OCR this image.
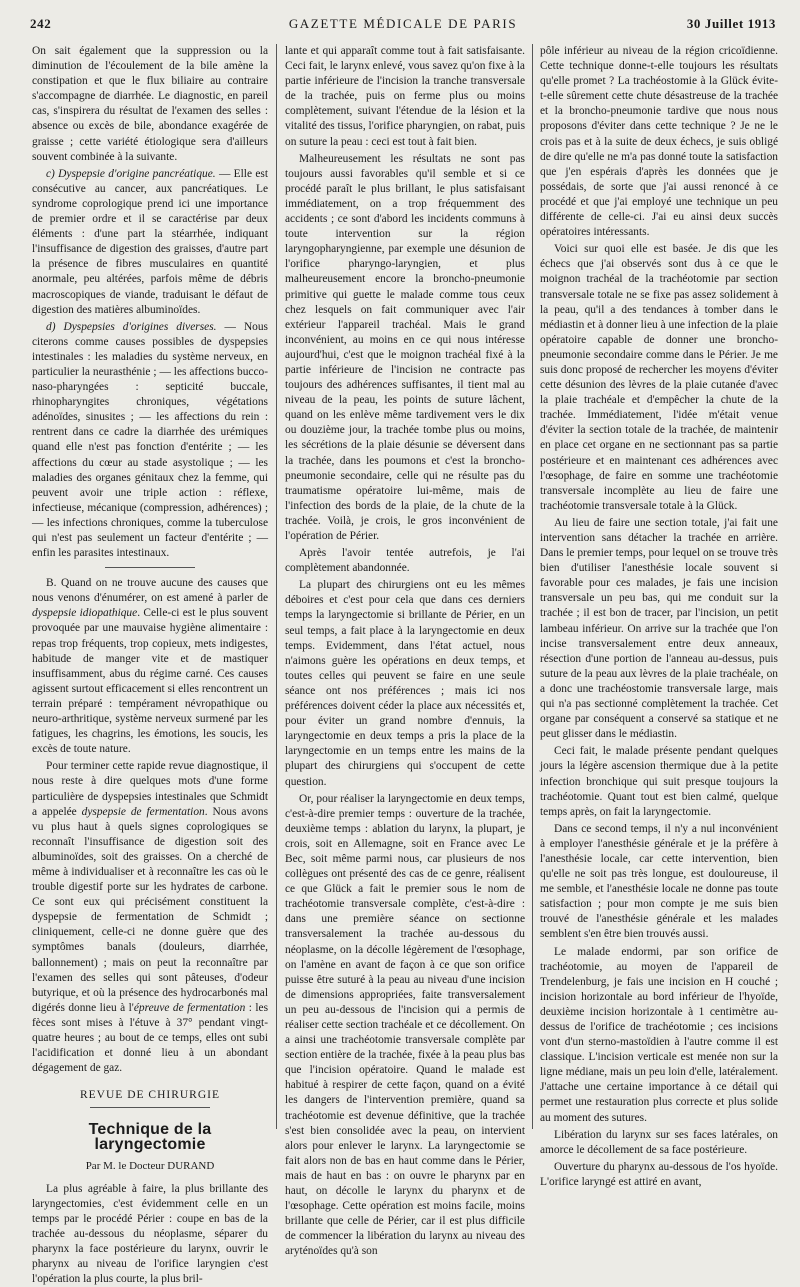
242	GAZETTE MÉDICALE DE PARIS	30 Juillet 1913

On sait également que la suppression ou la diminution de l'écoulement de la bile amène la constipation et que le flux biliaire au contraire s'accompagne de diarrhée. Le diagnostic, en pareil cas, s'inspirera du résultat de l'examen des selles : absence ou excès de bile, abondance exagérée de graisse ; cette variété étiologique sera d'ailleurs souvent combinée à la suivante.

c) Dyspepsie d'origine pancréatique. — Elle est consécutive au cancer, aux pancréatiques. Le syndrome coprologique prend ici une importance de premier ordre et il se caractérise par deux éléments : d'une part la stéarrhée, indiquant l'insuffisance de digestion des graisses, d'autre part la présence de fibres musculaires en quantité anormale, peu altérées, parfois même de débris macroscopiques de viande, traduisant le défaut de digestion des matières albuminoïdes.

d) Dyspepsies d'origines diverses. — Nous citerons comme causes possibles de dyspepsies intestinales : les maladies du système nerveux, en particulier la neurasthénie ; — les affections bucco-naso-pharyngées : septicité buccale, rhinopharyngites chroniques, végétations adénoïdes, sinusites ; — les affections du rein : rentrent dans ce cadre la diarrhée des urémiques quand elle n'est pas fonction d'entérite ; — les affections du cœur au stade asystolique ; — les maladies des organes génitaux chez la femme, qui peuvent avoir une triple action : réflexe, infectieuse, mécanique (compression, adhérences) ; — les infections chroniques, comme la tuberculose qui n'est pas seulement un facteur d'entérite ; — enfin les parasites intestinaux.

B. Quand on ne trouve aucune des causes que nous venons d'énumérer, on est amené à parler de dyspepsie idiopathique. Celle-ci est le plus souvent provoquée par une mauvaise hygiène alimentaire : repas trop fréquents, trop copieux, mets indigestes, habitude de manger vite et de mastiquer insuffisamment, abus du régime carné. Ces causes agissent surtout efficacement si elles rencontrent un terrain préparé : tempérament névropathique ou neuro-arthritique, système nerveux surmené par les fatigues, les chagrins, les émotions, les soucis, les excès de toute nature.

Pour terminer cette rapide revue diagnostique, il nous reste à dire quelques mots d'une forme particulière de dyspepsies intestinales que Schmidt a appelée dyspepsie de fermentation. Nous avons vu plus haut à quels signes coprologiques se reconnaît l'insuffisance de digestion soit des albuminoïdes, soit des graisses. On a cherché de même à individualiser et à reconnaître les cas où le trouble digestif porte sur les hydrates de carbone. Ce sont eux qui précisément constituent la dyspepsie de fermentation de Schmidt ; cliniquement, celle-ci ne donne guère que des symptômes banals (douleurs, diarrhée, ballonnement) ; mais on peut la reconnaître par l'examen des selles qui sont pâteuses, d'odeur butyrique, et où la présence des hydrocarbonés mal digérés donne lieu à l'épreuve de fermentation : les fèces sont mises à l'étuve à 37° pendant vingt-quatre heures ; au bout de ce temps, elles ont subi l'acidification et donné lieu à un abondant dégagement de gaz.

REVUE DE CHIRURGIE
Technique de la laryngectomie
Par M. le Docteur DURAND

La plus agréable à faire, la plus brillante des laryngectomies, c'est évidemment celle en un temps par le procédé Périer : coupe en bas de la trachée au-dessous du néoplasme, séparer du pharynx la face postérieure du larynx, ouvrir le pharynx au niveau de l'orifice laryngien c'est l'opération la plus courte, la plus bril-

lante et qui apparaît comme tout à fait satisfaisante. Ceci fait, le larynx enlevé, vous savez qu'on fixe à la partie inférieure de l'incision la tranche transversale de la trachée, puis on ferme plus ou moins complètement, suivant l'étendue de la lésion et la vitalité des tissus, l'orifice pharyngien, on rabat, puis on suture la peau : ceci est tout à fait bien.

Malheureusement les résultats ne sont pas toujours aussi favorables qu'il semble et si ce procédé paraît le plus brillant, le plus satisfaisant immédiatement, on a trop fréquemment des accidents ; ce sont d'abord les incidents communs à toute intervention sur la région laryngopharyngienne, par exemple une désunion de l'orifice pharyngo-laryngien, et plus malheureusement encore la broncho-pneumonie primitive qui guette le malade comme tous ceux chez lesquels on fait communiquer avec l'air extérieur l'appareil trachéal. Mais le grand inconvénient, au moins en ce qui nous intéresse aujourd'hui, c'est que le moignon trachéal fixé à la partie inférieure de l'incision ne contracte pas toujours des adhérences suffisantes, il tient mal au niveau de la peau, les points de suture lâchent, quand on les enlève même tardivement vers le dix ou douzième jour, la trachée tombe plus ou moins, les sécrétions de la plaie désunie se déversent dans la trachée, dans les poumons et c'est la broncho-pneumonie secondaire, celle qui ne résulte pas du traumatisme opératoire lui-même, mais de l'infection des bords de la plaie, de la chute de la trachée. Voilà, je crois, le gros inconvénient de l'opération de Périer.

Après l'avoir tentée autrefois, je l'ai complètement abandonnée.

La plupart des chirurgiens ont eu les mêmes déboires et c'est pour cela que dans ces derniers temps la laryngectomie si brillante de Périer, en un seul temps, a fait place à la laryngectomie en deux temps. Evidemment, dans l'état actuel, nous n'aimons guère les opérations en deux temps, et toutes celles qui peuvent se faire en une seule séance ont nos préférences ; mais ici nos préférences doivent céder la place aux nécessités et, pour éviter un grand nombre d'ennuis, la laryngectomie en deux temps a pris la place de la laryngectomie en un temps entre les mains de la plupart des chirurgiens qui s'occupent de cette question.

Or, pour réaliser la laryngectomie en deux temps, c'est-à-dire premier temps : ouverture de la trachée, deuxième temps : ablation du larynx, la plupart, je crois, soit en Allemagne, soit en France avec Le Bec, soit même parmi nous, car plusieurs de nos collègues ont présenté des cas de ce genre, réalisent ce que Glück a fait le premier sous le nom de trachéotomie transversale complète, c'est-à-dire : dans une première séance on sectionne transversalement la trachée au-dessous du néoplasme, on la décolle légèrement de l'œsophage, on l'amène en avant de façon à ce que son orifice puisse être suturé à la peau au niveau d'une incision de dimensions appropriées, faite transversalement un peu au-dessous de l'incision qui a permis de réaliser cette section trachéale et ce décollement. On a ainsi une trachéotomie transversale complète par section entière de la trachée, fixée à la peau plus bas que l'incision opératoire. Quand le malade est habitué à respirer de cette façon, quand on a évité les dangers de l'intervention première, quand sa trachéotomie est devenue définitive, que la trachée s'est bien consolidée avec la peau, on intervient alors pour enlever le larynx. La laryngectomie se fait alors non de bas en haut comme dans le Périer, mais de haut en bas : on ouvre le pharynx par en haut, on décolle le larynx du pharynx et de l'œsophage. Cette opération est moins facile, moins brillante que celle de Périer, car il est plus difficile de commencer la libération du larynx au niveau des aryténoïdes qu'à son

pôle inférieur au niveau de la région cricoïdienne. Cette technique donne-t-elle toujours les résultats qu'elle promet ? La trachéostomie à la Glück évite-t-elle sûrement cette chute désastreuse de la trachée et la broncho-pneumonie tardive que nous nous proposons d'éviter dans cette technique ? Je ne le crois pas et à la suite de deux échecs, je suis obligé de dire qu'elle ne m'a pas donné toute la satisfaction que j'en espérais d'après les données que je possédais, de sorte que j'ai aussi renoncé à ce procédé et que j'ai employé une technique un peu différente de celle-ci. J'ai eu ainsi deux succès opératoires intéressants.

Voici sur quoi elle est basée. Je dis que les échecs que j'ai observés sont dus à ce que le moignon trachéal de la trachéotomie par section transversale totale ne se fixe pas assez solidement à la peau, qu'il a des tendances à tomber dans le médiastin et à donner lieu à une infection de la plaie opératoire capable de donner une broncho-pneumonie secondaire comme dans le Périer. Je me suis donc proposé de rechercher les moyens d'éviter cette désunion des lèvres de la plaie cutanée d'avec la plaie trachéale et d'empêcher la chute de la trachée. Immédiatement, l'idée m'était venue d'éviter la section totale de la trachée, de maintenir en place cet organe en ne sectionnant pas sa partie postérieure et en maintenant ces adhérences avec l'œsophage, de faire en somme une trachéotomie transversale incomplète au lieu de faire une trachéotomie transversale totale à la Glück.

Au lieu de faire une section totale, j'ai fait une intervention sans détacher la trachée en arrière. Dans le premier temps, pour lequel on se trouve très bien d'utiliser l'anesthésie locale souvent si favorable pour ces malades, je fais une incision transversale un peu bas, qui me conduit sur la trachée ; il est bon de tracer, par l'incision, un petit lambeau inférieur. On arrive sur la trachée que l'on incise transversalement entre deux anneaux, résection d'une portion de l'anneau au-dessus, puis suture de la peau aux lèvres de la plaie trachéale, on a donc une trachéostomie transversale large, mais qui n'a pas sectionné complètement la trachée. Cet organe par conséquent a conservé sa statique et ne peut glisser dans le médiastin.

Ceci fait, le malade présente pendant quelques jours la légère ascension thermique due à la petite infection bronchique qui suit presque toujours la trachéotomie. Quant tout est bien calmé, quelque temps après, on fait la laryngectomie.

Dans ce second temps, il n'y a nul inconvénient à employer l'anesthésie générale et je la préfère à l'anesthésie locale, car cette intervention, bien qu'elle ne soit pas très longue, est douloureuse, il me semble, et l'anesthésie locale ne donne pas toute satisfaction ; pour mon compte je me suis bien trouvé de l'anesthésie générale et les malades semblent s'en être bien trouvés aussi.

Le malade endormi, par son orifice de trachéotomie, au moyen de l'appareil de Trendelenburg, je fais une incision en H couché ; incision horizontale au bord inférieur de l'hyoïde, deuxième incision horizontale à 1 centimètre au-dessus de l'orifice de trachéotomie ; ces incisions vont d'un sterno-mastoïdien à l'autre comme il est classique. L'incision verticale est menée non sur la ligne médiane, mais un peu loin d'elle, latéralement. J'attache une certaine importance à ce détail qui permet une restauration plus correcte et plus solide au moment des sutures.

Libération du larynx sur ses faces latérales, on amorce le décollement de sa face postérieure.

Ouverture du pharynx au-dessous de l'os hyoïde. L'orifice laryngé est attiré en avant,
